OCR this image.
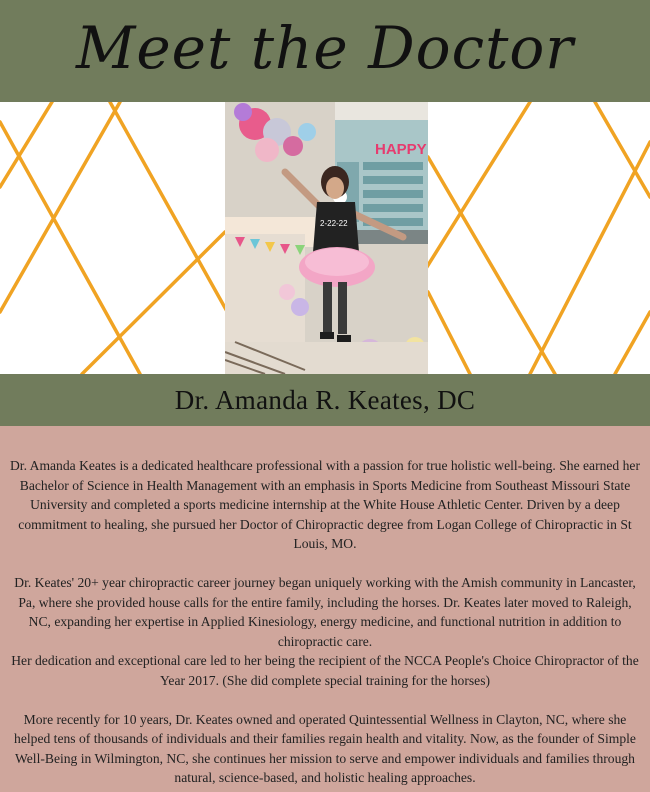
Meet the Doctor
HAPPY
2-22-22
Dr. Amanda R. Keates, DC

Dr. Amanda Keates is a dedicated healthcare professional with a passion for true holistic well-being. She earned her Bachelor of Science in Health Management with an emphasis in Sports Medicine from Southeast Missouri State University and completed a sports medicine internship at the White House Athletic Center. Driven by a deep commitment to healing, she pursued her Doctor of Chiropractic degree from Logan College of Chiropractic in St Louis, MO.

Dr. Keates' 20+ year chiropractic career journey began uniquely working with the Amish community in Lancaster, Pa, where she provided house calls for the entire family, including the horses. Dr. Keates later moved to Raleigh, NC, expanding her expertise in Applied Kinesiology, energy medicine, and functional nutrition in addition to chiropractic care.
Her dedication and exceptional care led to her being the recipient of the NCCA People's Choice Chiropractor of the Year 2017. (She did complete special training for the horses)

More recently for 10 years, Dr. Keates owned and operated Quintessential Wellness in Clayton, NC, where she helped tens of thousands of individuals and their families regain health and vitality. Now, as the founder of Simple Well-Being in Wilmington, NC, she continues her mission to serve and empower individuals and families through natural, science-based, and holistic healing approaches.
